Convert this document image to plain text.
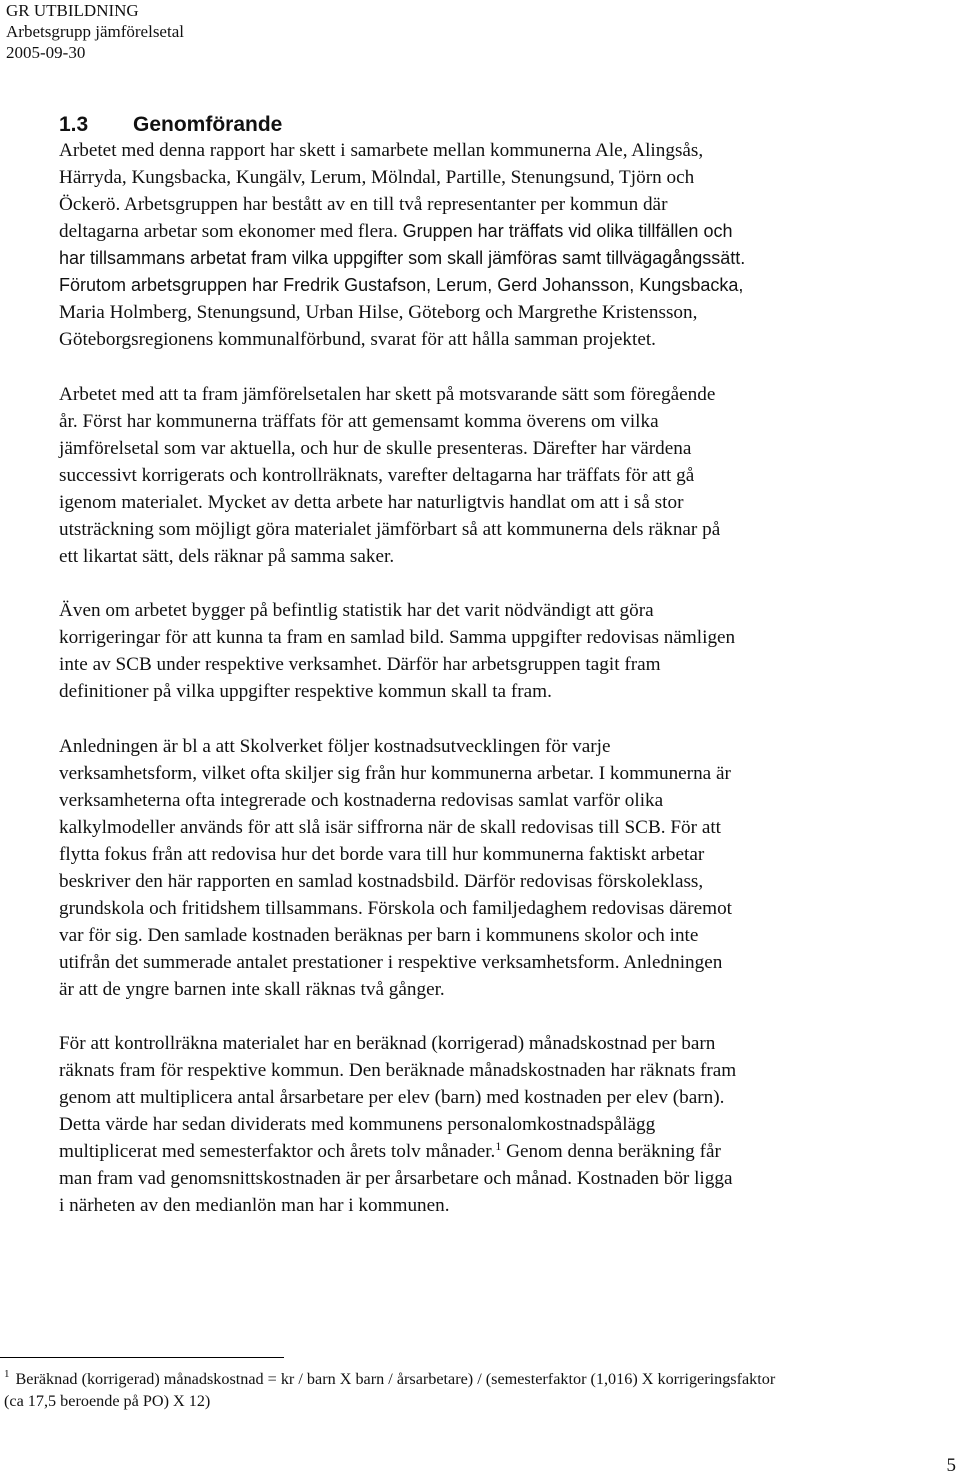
GR UTBILDNING
Arbetsgrupp jämförelsetal
2005-09-30
1.3 Genomförande
Arbetet med denna rapport har skett i samarbete mellan kommunerna Ale, Alingsås,
Härryda, Kungsbacka, Kungälv, Lerum, Mölndal, Partille, Stenungsund, Tjörn och
Öckerö. Arbetsgruppen har bestått av en till två representanter per kommun där
deltagarna arbetar som ekonomer med flera. Gruppen har träffats vid olika tillfällen och
har tillsammans arbetat fram vilka uppgifter som skall jämföras samt tillvägagångssätt.
Förutom arbetsgruppen har Fredrik Gustafson, Lerum, Gerd Johansson, Kungsbacka,
Maria Holmberg, Stenungsund, Urban Hilse, Göteborg och Margrethe Kristensson,
Göteborgsregionens kommunalförbund, svarat för att hålla samman projektet.
Arbetet med att ta fram jämförelsetalen har skett på motsvarande sätt som föregående
år. Först har kommunerna träffats för att gemensamt komma överens om vilka
jämförelsetal som var aktuella, och hur de skulle presenteras. Därefter har värdena
successivt korrigerats och kontrollräknats, varefter deltagarna har träffats för att gå
igenom materialet. Mycket av detta arbete har naturligtvis handlat om att i så stor
utsträckning som möjligt göra materialet jämförbart så att kommunerna dels räknar på
ett likartat sätt, dels räknar på samma saker.
Även om arbetet bygger på befintlig statistik har det varit nödvändigt att göra
korrigeringar för att kunna ta fram en samlad bild. Samma uppgifter redovisas nämligen
inte av SCB under respektive verksamhet. Därför har arbetsgruppen tagit fram
definitioner på vilka uppgifter respektive kommun skall ta fram.
Anledningen är bl a att Skolverket följer kostnadsutvecklingen för varje
verksamhetsform, vilket ofta skiljer sig från hur kommunerna arbetar. I kommunerna är
verksamheterna ofta integrerade och kostnaderna redovisas samlat varför olika
kalkylmodeller används för att slå isär siffrorna när de skall redovisas till SCB. För att
flytta fokus från att redovisa hur det borde vara till hur kommunerna faktiskt arbetar
beskriver den här rapporten en samlad kostnadsbild. Därför redovisas förskoleklass,
grundskola och fritidshem tillsammans. Förskola och familjedaghem redovisas däremot
var för sig. Den samlade kostnaden beräknas per barn i kommunens skolor och inte
utifrån det summerade antalet prestationer i respektive verksamhetsform. Anledningen
är att de yngre barnen inte skall räknas två gånger.
För att kontrollräkna materialet har en beräknad (korrigerad) månadskostnad per barn
räknats fram för respektive kommun. Den beräknade månadskostnaden har räknats fram
genom att multiplicera antal årsarbetare per elev (barn) med kostnaden per elev (barn).
Detta värde har sedan dividerats med kommunens personalomkostnadspålägg
multiplicerat med semesterfaktor och årets tolv månader.$^1$ Genom denna beräkning får
man fram vad genomsnittskostnaden är per årsarbetare och månad. Kostnaden bör ligga
i närheten av den medianlön man har i kommunen.
$^1$ Beräknad (korrigerad) månadskostnad = kr / barn X barn / årsarbetare) / (semesterfaktor (1,016) X korrigeringsfaktor
(ca 17,5 beroende på PO) X 12)
5
